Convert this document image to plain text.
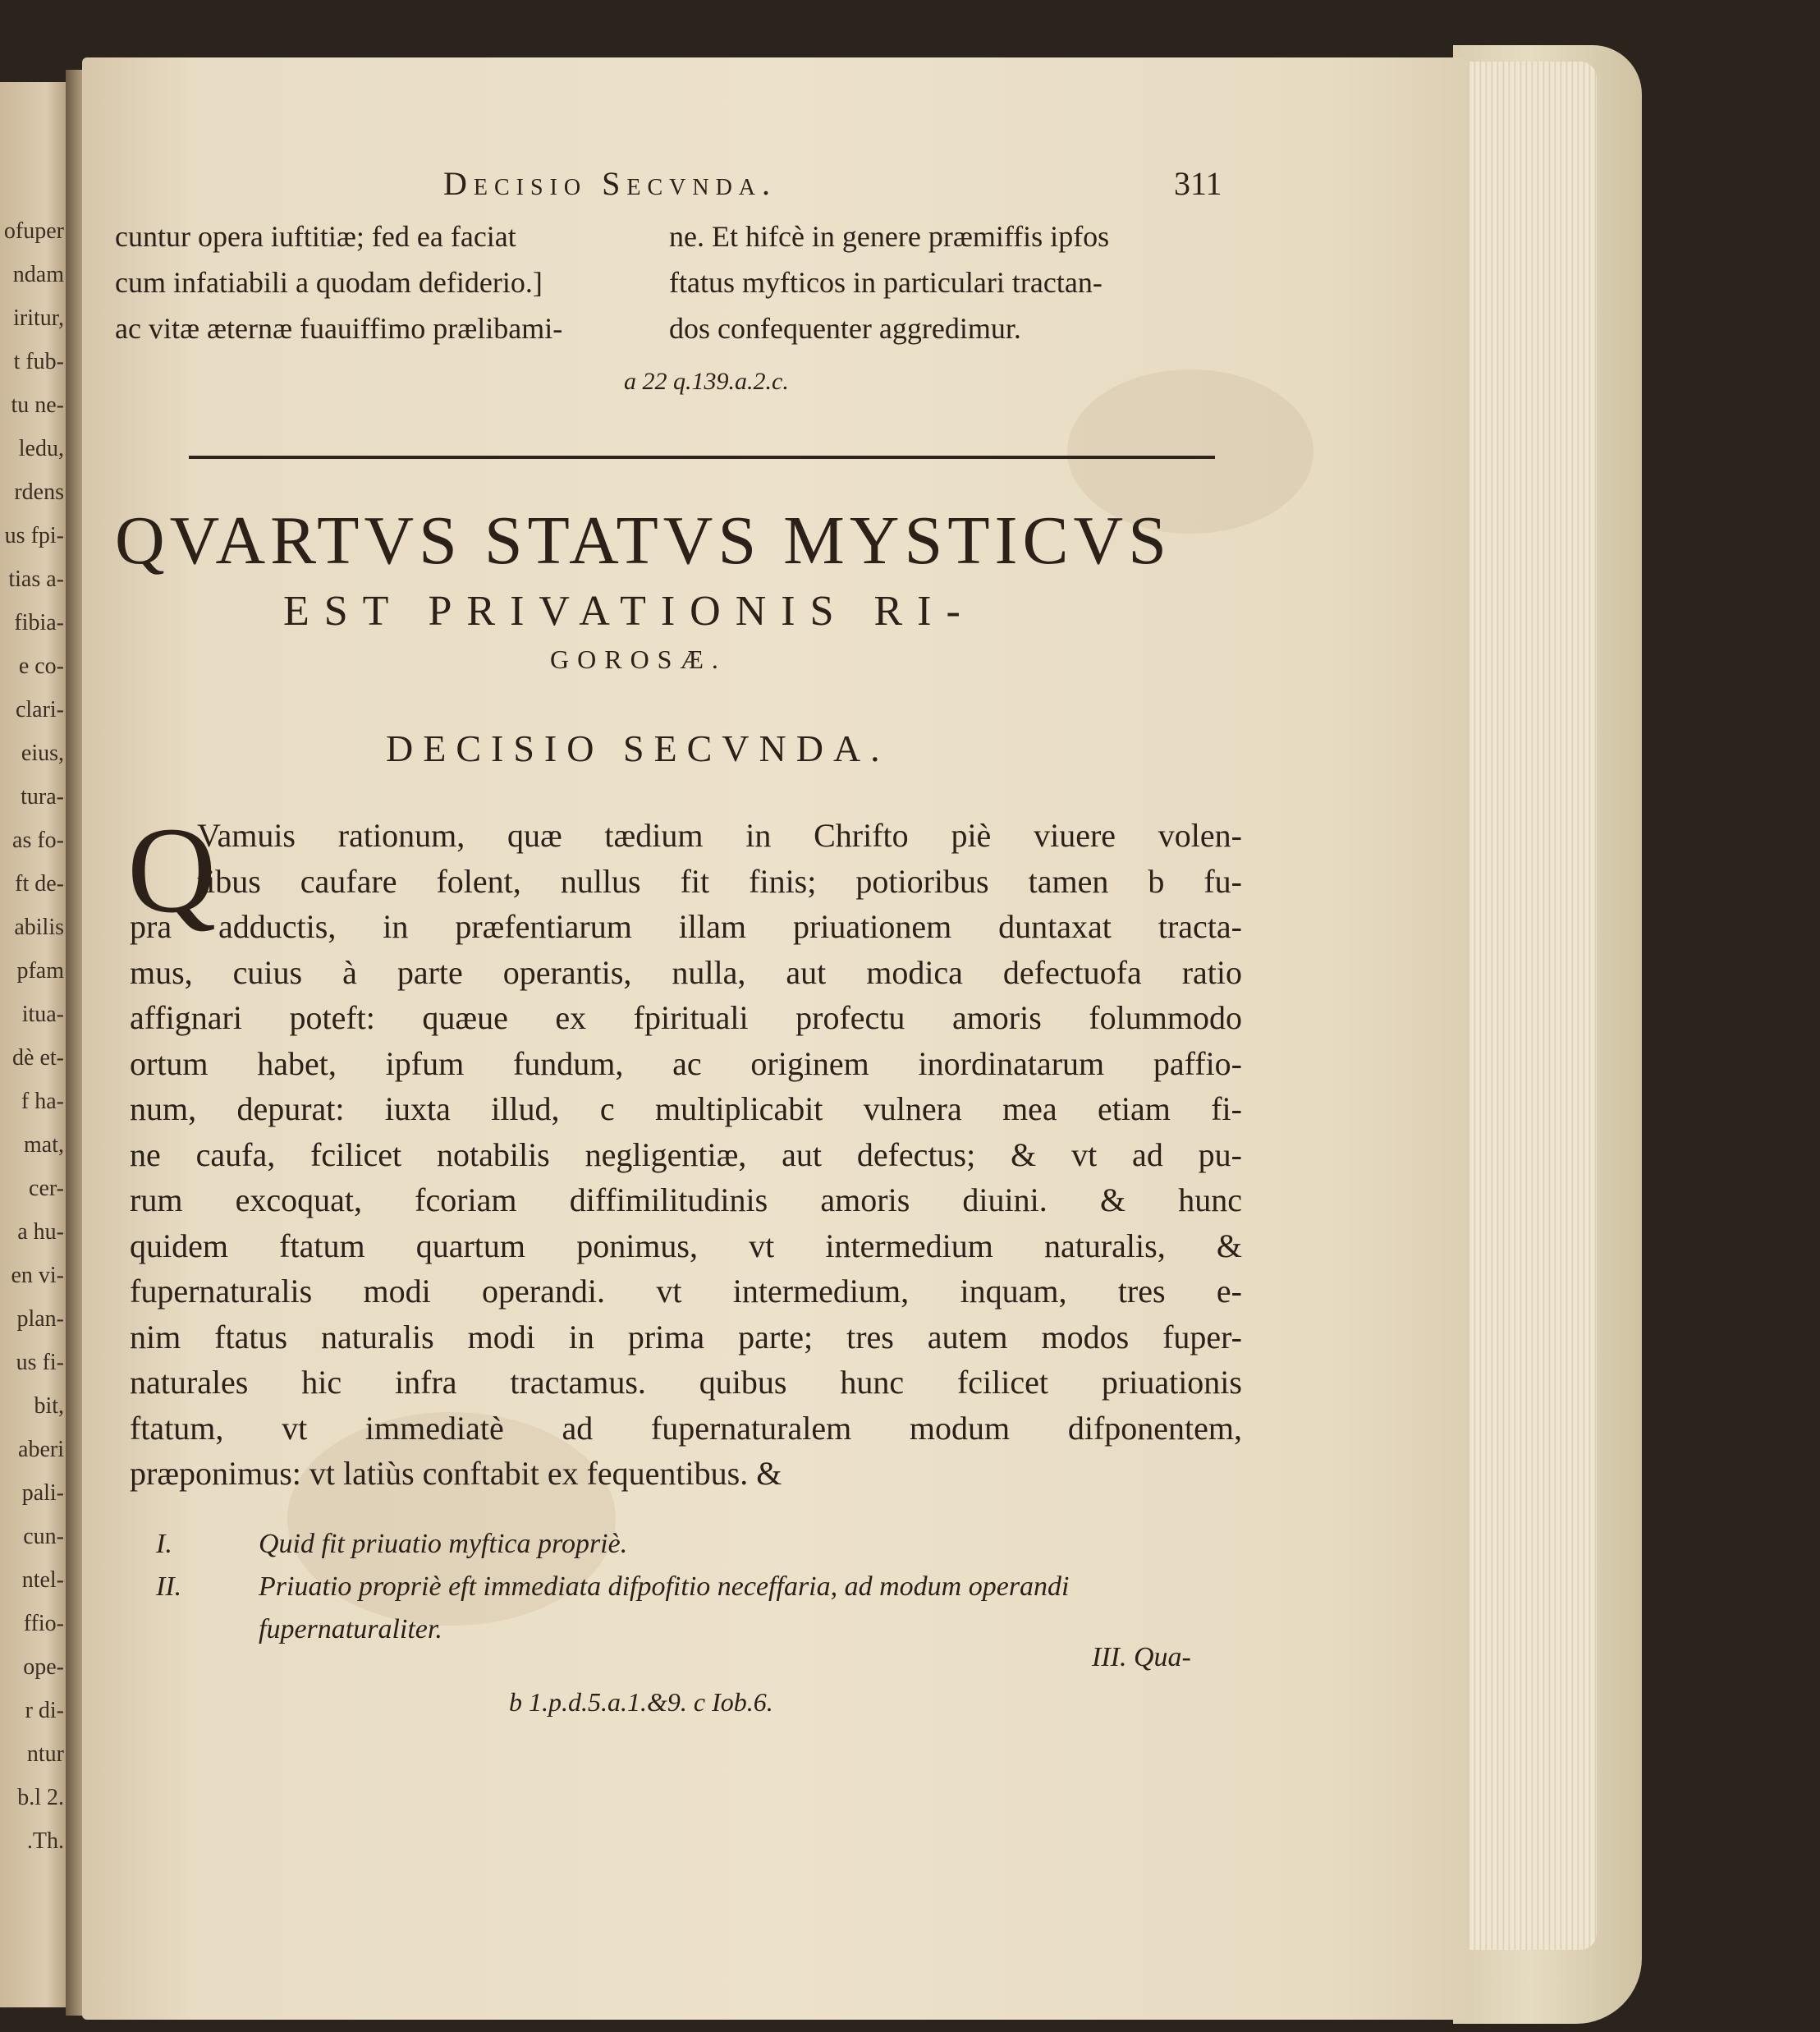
ofuper
ndam
iritur,
t fub-
tu ne-
ledu,
rdens
us fpi-
tias a-
fibia-
e co-
clari-
eius,
tura-
as fo-
ft de-
abilis
pfam
itua-
dè et-
f ha-
mat,
cer-
a hu-
en vi-
plan-
us fi-
bit,
aberi
pali-
cun-
ntel-
ffio-
ope-
r di-
ntur
b.l 2.
.Th.
Decisio Secvnda.	311
cuntur opera iuftitiæ; fed ea faciat
cum infatiabili a quodam defiderio.]
ac vitæ æternæ fuauiffimo prælibami-
ne. Et hifcè in genere præmiffis ipfos
ftatus myfticos in particulari tractan-
dos confequenter aggredimur.
a 22 q.139.a.2.c.
QVARTVS STATVS MYSTICVS
EST PRIVATIONIS RI-
GOROSÆ.
DECISIO SECVNDA.
Q
Vamuis rationum, quæ tædium in Chrifto piè viuere volen-
tibus caufare folent, nullus fit finis; potioribus tamen b fu-
pra adductis, in præfentiarum illam priuationem duntaxat tracta-
mus, cuius à parte operantis, nulla, aut modica defectuofa ratio
affignari poteft: quæue ex fpirituali profectu amoris folummodo
ortum habet, ipfum fundum, ac originem inordinatarum paffio-
num, depurat: iuxta illud, c multiplicabit vulnera mea etiam fi-
ne caufa, fcilicet notabilis negligentiæ, aut defectus; & vt ad pu-
rum excoquat, fcoriam diffimilitudinis amoris diuini. & hunc
quidem ftatum quartum ponimus, vt intermedium naturalis, &
fupernaturalis modi operandi. vt intermedium, inquam, tres e-
nim ftatus naturalis modi in prima parte; tres autem modos fuper-
naturales hic infra tractamus. quibus hunc fcilicet priuationis
ftatum, vt immediatè ad fupernaturalem modum difponentem,
præponimus: vt latiùs conftabit ex fequentibus. &
I.	Quid fit priuatio myftica propriè.
II.	Priuatio propriè eft immediata difpofitio neceffaria, ad modum operandi
fupernaturaliter.
III. Qua-
b 1.p.d.5.a.1.&9. c Iob.6.
